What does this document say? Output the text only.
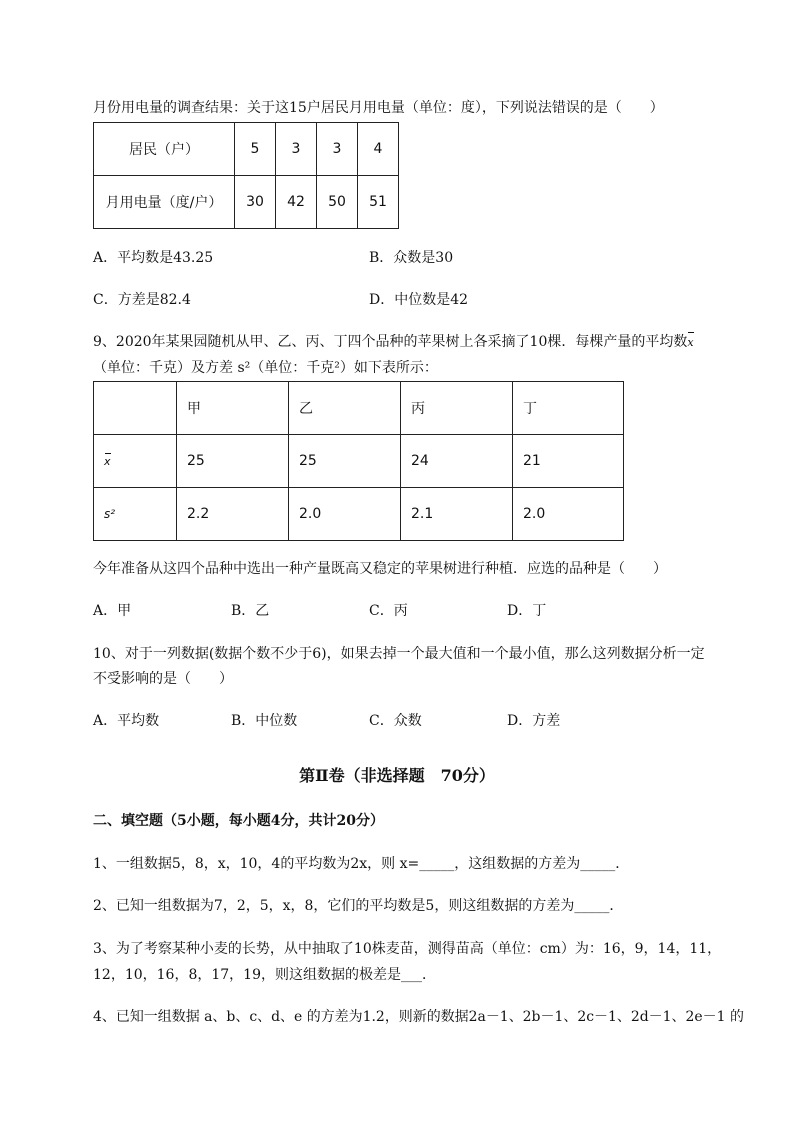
月份用电量的调查结果：关于这15户居民月用电量（单位：度），下列说法错误的是（　　）
居民（户）	5	3	3	4
月用电量（度/户）	30	42	50	51
A．平均数是43.25	B．众数是30
C．方差是82.4	D．中位数是42
9、2020年某果园随机从甲、乙、丙、丁四个品种的苹果树上各采摘了10棵．每棵产量的平均数x
（单位：千克）及方差 s²（单位：千克²）如下表所示：
	甲	乙	丙	丁
x	25	25	24	21
s²	2.2	2.0	2.1	2.0
今年准备从这四个品种中选出一种产量既高又稳定的苹果树进行种植．应选的品种是（　　）
A．甲	B．乙	C．丙	D．丁
10、对于一列数据(数据个数不少于6)，如果去掉一个最大值和一个最小值，那么这列数据分析一定
不受影响的是（　　）
A．平均数	B．中位数	C．众数	D．方差
第Ⅱ卷（非选择题　70分）
二、填空题（5小题，每小题4分，共计20分）
1、一组数据5，8，x，10，4的平均数为2x，则 x=_____，这组数据的方差为_____．
2、已知一组数据为7，2，5，x，8，它们的平均数是5，则这组数据的方差为_____．
3、为了考察某种小麦的长势，从中抽取了10株麦苗，测得苗高（单位：cm）为：16，9，14，11，
12，10，16，8，17，19，则这组数据的极差是___．
4、已知一组数据 a、b、c、d、e 的方差为1.2，则新的数据2a－1、2b－1、2c－1、2d－1、2e－1 的
